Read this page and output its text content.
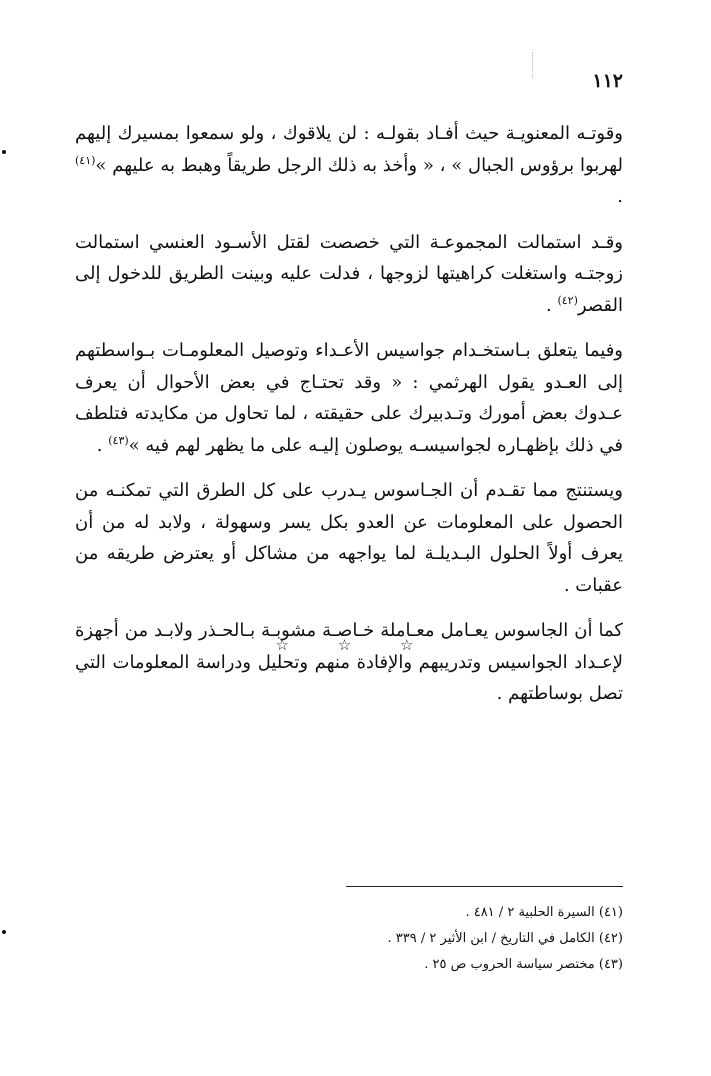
١١٢

وقوتـه المعنويـة حيث أفـاد بقولـه : لن يلاقوك ، ولو سمعوا بمسيرك إليهم لهربوا برؤوس الجبال » ، « وأخذ به ذلك الرجل طريقاً وهبط به عليهم »$^{(٤١)}$ .

وقـد استمالت المجموعـة التي خصصت لقتل الأسـود العنسي استمالت زوجتـه واستغلت كراهيتها لزوجها ، فدلت عليه وبينت الطريق للدخول إلى القصر$^{(٤٢)}$ .

وفيما يتعلق بـاستخـدام جواسيس الأعـداء وتوصيل المعلومـات بـواسطتهم إلى العـدو يقول الهرثمي : « وقد تحتـاج في بعض الأحوال أن يعرف عـدوك بعض أمورك وتـدبيرك على حقيقته ، لما تحاول من مكايدته فتلطف في ذلك بإظهـاره لجواسيسـه يوصلون إليـه على ما يظهر لهم فيه »$^{(٤٣)}$ .

ويستنتج مما تقـدم أن الجـاسوس يـدرب على كل الطرق التي تمكنـه من الحصول على المعلومات عن العدو بكل يسر وسهولة ، ولابد له من أن يعرف أولاً الحلول البـديلـة لما يواجهه من مشاكل أو يعترض طريقه من عقبات .

كما أن الجاسوس يعـامل معـاملة خـاصـة مشوبـة بـالحـذر ولابـد من أجهزة لإعـداد الجواسيس وتدريبهم والإفادة منهم وتحليل ودراسة المعلومات التي تصل بوساطتهم .

☆ ☆ ☆
(٤١) السيرة الحلبية ٢ / ٤٨١ .
(٤٢) الكامل في التاريخ / ابن الأثير ٢ / ٣٣٩ .
(٤٣) مختصر سياسة الحروب ص ٢٥ .
